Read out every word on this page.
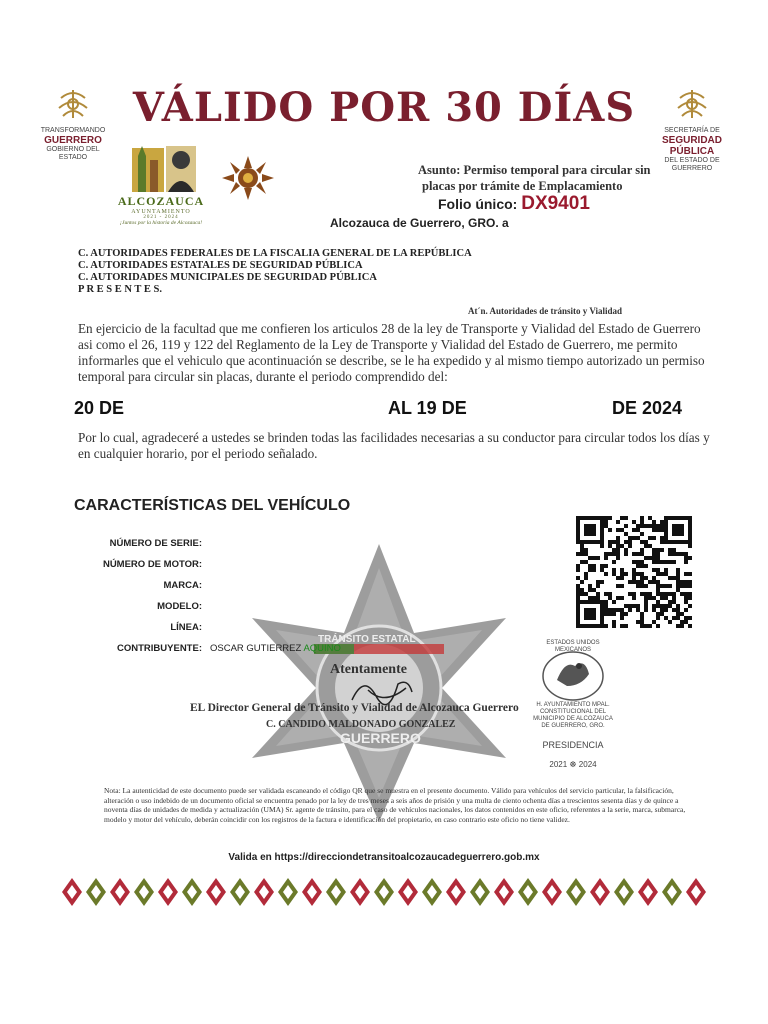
VÁLIDO POR 30 DÍAS
TRANSFORMANDO
GUERRERO
GOBIERNO DEL ESTADO
SECRETARÍA DE
SEGURIDAD PÚBLICA
DEL ESTADO DE GUERRERO
ALCOZAUCA
AYUNTAMIENTO
2021 - 2024
¡Juntos por la historia de Alcozauca!
Asunto: Permiso temporal para circular sin
placas por trámite de Emplacamiento
Folio único: DX9401
Alcozauca de Guerrero, GRO. a
C. AUTORIDADES FEDERALES DE LA FISCALIA GENERAL DE LA REPÚBLICA
C. AUTORIDADES ESTATALES DE SEGURIDAD PÚBLICA
C. AUTORIDADES MUNICIPALES DE SEGURIDAD PÚBLICA
P R E S E N T E S.
At´n. Autoridades de tránsito y Vialidad
En ejercicio de la facultad que me confieren los articulos 28 de la ley de Transporte y Vialidad del Estado de Guerrero asi como el 26, 119 y 122 del Reglamento de la Ley de Transporte y Vialidad del Estado de Guerrero, me permito informarles que el vehiculo que acontinuación se describe, se le ha expedido y al mismo tiempo autorizado un permiso temporal para circular sin placas, durante el periodo comprendido del:
20 DE	AL 19 DE	DE 2024
Por lo cual, agradeceré a ustedes se brinden todas las facilidades necesarias a su conductor para circular todos los días y en cualquier horario, por el periodo señalado.
TRÁNSITO ESTATAL
GUERRERO
CARACTERÍSTICAS DEL VEHÍCULO
NÚMERO DE SERIE:
NÚMERO DE MOTOR:
MARCA:
MODELO:
LÍNEA:
CONTRIBUYENTE: OSCAR GUTIERREZ AQUINO
Atentamente
EL Director General de Tránsito y Vialidad de Alcozauca Guerrero
C. CANDIDO MALDONADO GONZALEZ
ESTADOS UNIDOS MEXICANOS
H. AYUNTAMIENTO MPAL.
CONSTITUCIONAL DEL
MUNICIPIO DE ALCOZAUCA
DE GUERRERO, GRO.
PRESIDENCIA
2021 ☸ 2024
Nota: La autenticidad de este documento puede ser validada escaneando el código QR que se muestra en el presente documento. Válido para vehículos del servicio particular, la falsificación, alteración o uso indebido de un documento oficial se encuentra penado por la ley de tres meses a seis años de prisión y una multa de ciento ochenta días a trescientos sesenta días y de quince a noventa días de unidades de medida y actualización (UMA) Sr. agente de tránsito, para el caso de vehículos nacionales, los datos contenidos en este oficio, referentes a la serie, marca, submarca, modelo y motor del vehículo, deberán coincidir con los registros de la factura e identificación del propietario, en caso contrario este oficio no tiene validez.
Valida en https://direcciondetransitoalcozaucadeguerrero.gob.mx
